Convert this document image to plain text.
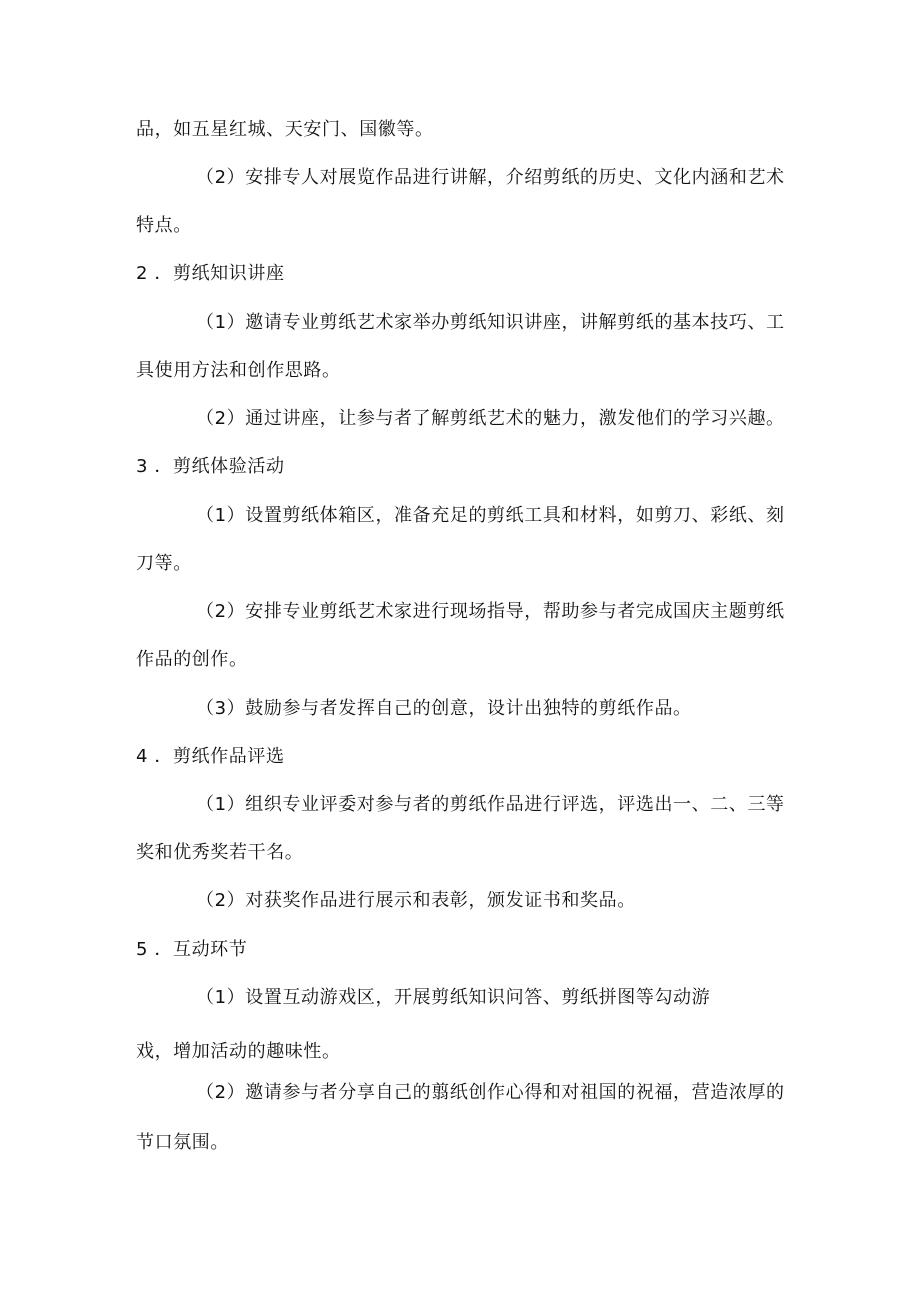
品，如五星红城、天安门、国徽等。
（2）安排专人对展览作品进行讲解，介绍剪纸的历史、文化内涵和艺术
特点。
2 ．剪纸知识讲座
（1）邀请专业剪纸艺术家举办剪纸知识讲座，讲解剪纸的基本技巧、工
具使用方法和创作思路。
（2）通过讲座，让参与者了解剪纸艺术的魅力，激发他们的学习兴趣。
3 ．剪纸体验活动
（1）设置剪纸体箱区，准备充足的剪纸工具和材料，如剪刀、彩纸、刻
刀等。
（2）安排专业剪纸艺术家进行现场指导，帮助参与者完成国庆主题剪纸
作品的创作。
（3）鼓励参与者发挥自己的创意，设计出独特的剪纸作品。
4 ．剪纸作品评选
（1）组织专业评委对参与者的剪纸作品进行评选，评选出一、二、三等
奖和优秀奖若干名。
（2）对获奖作品进行展示和表彰，颁发证书和奖品。
5 ．互动环节
（1）设置互动游戏区，开展剪纸知识问答、剪纸拼图等勾动游
戏，增加活动的趣味性。
（2）邀请参与者分享自己的翦纸创作心得和对祖国的祝福，营造浓厚的
节口氛围。
